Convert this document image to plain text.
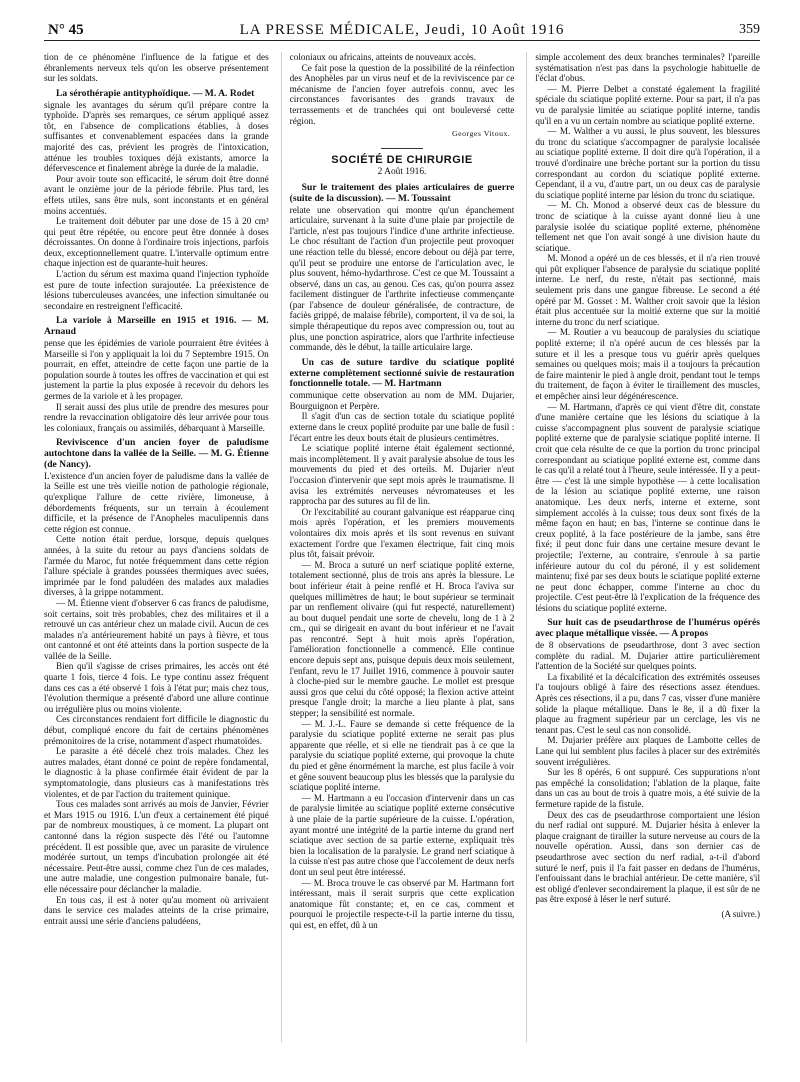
N° 45	LA PRESSE MÉDICALE, Jeudi, 10 Août 1916	359

tion de ce phénomène l'influence de la fatigue et des ébranlements nerveux tels qu'on les observe présentement sur les soldats.

La sérothérapie antityphoïdique. — M. A. Rodet

signale les avantages du sérum qu'il prépare contre la typhoïde. D'après ses remarques, ce sérum appliqué assez tôt, en l'absence de complications établies, à doses suffisantes et convenablement espacées dans la grande majorité des cas, prévient les progrès de l'intoxication, atténue les troubles toxiques déjà existants, amorce la défervescence et finalement abrège la durée de la maladie.

Pour avoir toute son efficacité, le sérum doit être donné avant le onzième jour de la période fébrile. Plus tard, les effets utiles, sans être nuls, sont inconstants et en général moins accentués.

Le traitement doit débuter par une dose de 15 à 20 cm³ qui peut être répétée, ou encore peut être donnée à doses décroissantes. On donne à l'ordinaire trois injections, parfois deux, exceptionnellement quatre. L'intervalle optimum entre chaque injection est de quarante-huit heures.

L'action du sérum est maxima quand l'injection typhoïde est pure de toute infection surajoutée. La préexistence de lésions tuberculeuses avancées, une infection simultanée ou secondaire en restreignent l'efficacité.

La variole à Marseille en 1915 et 1916. — M. Arnaud

pense que les épidémies de variole pourraient être évitées à Marseille si l'on y appliquait la loi du 7 Septembre 1915. On pourrait, en effet, atteindre de cette façon une partie de la population sourde à toutes les offres de vaccination et qui est justement la partie la plus exposée à recevoir du dehors les germes de la variole et à les propager.

Il serait aussi des plus utile de prendre des mesures pour rendre la revaccination obligatoire dès leur arrivée pour tous les coloniaux, français ou assimilés, débarquant à Marseille.

Reviviscence d'un ancien foyer de paludisme autochtone dans la vallée de la Seille. — M. G. Étienne (de Nancy).

L'existence d'un ancien foyer de paludisme dans la vallée de la Seille est une très vieille notion de pathologie régionale, qu'explique l'allure de cette rivière, limoneuse, à débordements fréquents, sur un terrain à écoulement difficile, et la présence de l'Anopheles maculipennis dans cette région est connue.

Cette notion était perdue, lorsque, depuis quelques années, à la suite du retour au pays d'anciens soldats de l'armée du Maroc, fut notée fréquemment dans cette région l'allure spéciale à grandes poussées thermiques avec suées, imprimée par le fond paludéen des malades aux maladies diverses, à la grippe notamment.

— M. Étienne vient d'observer 6 cas francs de paludisme, soit certains, soit très probables, chez des militaires et il a retrouvé un cas antérieur chez un malade civil. Aucun de ces malades n'a antérieurement habité un pays à fièvre, et tous ont cantonné et ont été atteints dans la portion suspecte de la vallée de la Seille.

Bien qu'il s'agisse de crises primaires, les accès ont été quarte 1 fois, tierce 4 fois. Le type continu assez fréquent dans ces cas a été observé 1 fois à l'état pur; mais chez tous, l'évolution thermique a présenté d'abord une allure continue ou irrégulière plus ou moins violente.

Ces circonstances rendaient fort difficile le diagnostic du début, compliqué encore du fait de certains phénomènes prémonitoires de la crise, notamment d'aspect rhumatoïdes.

Le parasite a été décelé chez trois malades. Chez les autres malades, étant donné ce point de repère fondamental, le diagnostic à la phase confirmée était évident de par la symptomatologie, dans plusieurs cas à manifestations très violentes, et de par l'action du traitement quinique.

Tous ces malades sont arrivés au mois de Janvier, Février et Mars 1915 ou 1916. L'un d'eux a certainement été piqué par de nombreux moustiques, à ce moment. La plupart ont cantonné dans la région suspecte dès l'été ou l'automne précédent. Il est possible que, avec un parasite de virulence modérée surtout, un temps d'incubation prolongée ait été nécessaire. Peut-être aussi, comme chez l'un de ces malades, une autre maladie, une congestion pulmonaire banale, fut-elle nécessaire pour déclancher la maladie.

En tous cas, il est à noter qu'au moment où arrivaient dans le service ces malades atteints de la crise primaire, entrait aussi une série d'anciens paludéens,

coloniaux ou africains, atteints de nouveaux accès.

Ce fait pose la question de la possibilité de la réinfection des Anophèles par un virus neuf et de la reviviscence par ce mécanisme de l'ancien foyer autrefois connu, avec les circonstances favorisantes des grands travaux de terrassements et de tranchées qui ont bouleversé cette région.

Georges Vitoux.
SOCIÉTÉ DE CHIRURGIE
2 Août 1916.
Sur le traitement des plaies articulaires de guerre (suite de la discussion). — M. Toussaint

relate une observation qui montre qu'un épanchement articulaire, survenant à la suite d'une plaie par projectile de l'article, n'est pas toujours l'indice d'une arthrite infectieuse. Le choc résultant de l'action d'un projectile peut provoquer une réaction telle du blessé, encore debout ou déjà par terre, qu'il peut se produire une entorse de l'articulation avec, le plus souvent, hémo-hydarthrose. C'est ce que M. Toussaint a observé, dans un cas, au genou. Ces cas, qu'on pourra assez facilement distinguer de l'arthrite infectieuse commençante (par l'absence de douleur généralisée, de contracture, de faciès grippé, de malaise fébrile), comportent, il va de soi, la simple thérapeutique du repos avec compression ou, tout au plus, une ponction aspiratrice, alors que l'arthrite infectieuse commande, dès le début, la taille articulaire large.

Un cas de suture tardive du sciatique poplité externe complètement sectionné suivie de restauration fonctionnelle totale. — M. Hartmann

communique cette observation au nom de MM. Dujarier, Bourguignon et Perpère.

Il s'agit d'un cas de section totale du sciatique poplité externe dans le creux poplité produite par une balle de fusil : l'écart entre les deux bouts était de plusieurs centimètres.

Le sciatique poplité interne était également sectionné, mais incomplètement. Il y avait paralysie absolue de tous les mouvements du pied et des orteils. M. Dujarier n'eut l'occasion d'intervenir que sept mois après le traumatisme. Il avisa les extrémités nerveuses névromateuses et les rapprocha par des sutures au fil de lin.

Or l'excitabilité au courant galvanique est réapparue cinq mois après l'opération, et les premiers mouvements volontaires dix mois après et ils sont revenus en suivant exactement l'ordre que l'examen électrique, fait cinq mois plus tôt, faisait prévoir.

— M. Broca a suturé un nerf sciatique poplité externe, totalement sectionné, plus de trois ans après la blessure. Le bout inférieur était à peine renflé et H. Broca l'aviva sur quelques millimètres de haut; le bout supérieur se terminait par un renflement olivaire (qui fut respecté, naturellement) au bout duquel pendait une sorte de chevelu, long de 1 à 2 cm., qui se dirigeait en avant du bout inférieur et ne l'avait pas rencontré. Sept à huit mois après l'opération, l'amélioration fonctionnelle a commencé. Elle continue encore depuis sept ans, puisque depuis deux mois seulement, l'enfant, revu le 17 Juillet 1916, commence à pouvoir sauter à cloche-pied sur le membre gauche. Le mollet est presque aussi gros que celui du côté opposé; la flexion active atteint presque l'angle droit; la marche a lieu plante à plat, sans stepper; la sensibilité est normale.

— M. J.-L. Faure se demande si cette fréquence de la paralysie du sciatique poplité externe ne serait pas plus apparente que réelle, et si elle ne tiendrait pas à ce que la paralysie du sciatique poplité externe, qui provoque la chute du pied et gêne énormément la marche, est plus facile à voir et gêne souvent beaucoup plus les blessés que la paralysie du sciatique poplité interne.

— M. Hartmann a eu l'occasion d'intervenir dans un cas de paralysie limitée au sciatique poplité externe consécutive à une plaie de la partie supérieure de la cuisse. L'opération, ayant montré une intégrité de la partie interne du grand nerf sciatique avec section de sa partie externe, expliquait très bien la localisation de la paralysie. Le grand nerf sciatique à la cuisse n'est pas autre chose que l'accolement de deux nerfs dont un seul peut être intéressé.

— M. Broca trouve le cas observé par M. Hartmann fort intéressant, mais il serait surpris que cette explication anatomique fût constante; et, en ce cas, comment et pourquoi le projectile respecte-t-il la partie interne du tissu, qui est, en effet, dû à un

simple accolement des deux branches terminales? l'pareille systématisation n'est pas dans la psychologie habituelle de l'éclat d'obus.

— M. Pierre Delbet a constaté également la fragilité spéciale du sciatique poplité externe. Pour sa part, il n'a pas vu de paralysie limitée au sciatique poplité interne, tandis qu'il en a vu un certain nombre au sciatique poplité externe.

— M. Walther a vu aussi, le plus souvent, les blessures du tronc du sciatique s'accompagner de paralysie localisée au sciatique poplité externe. Il doit dire qu'à l'opération, il a trouvé d'ordinaire une brèche portant sur la portion du tissu correspondant au cordon du sciatique poplité externe. Cependant, il a vu, d'autre part, un ou deux cas de paralysie du sciatique poplité interne par lésion du tronc du sciatique.

— M. Ch. Monod a observé deux cas de blessure du tronc de sciatique à la cuisse ayant donné lieu à une paralysie isolée du sciatique poplité externe, phénomène tellement net que l'on avait songé à une division haute du sciatique.

M. Monod a opéré un de ces blessés, et il n'a rien trouvé qui pût expliquer l'absence de paralysie du sciatique poplité interne. Le nerf, du reste, n'était pas sectionné, mais seulement pris dans une gangue fibreuse. Le second a été opéré par M. Gosset : M. Walther croit savoir que la lésion était plus accentuée sur la moitié externe que sur la moitié interne du tronc du nerf sciatique.

— M. Routier a vu beaucoup de paralysies du sciatique poplité externe; il n'a opéré aucun de ces blessés par la suture et il les a presque tous vu guérir après quelques semaines ou quelques mois; mais il a toujours la précaution de faire maintenir le pied à angle droit, pendant tout le temps du traitement, de façon à éviter le tiraillement des muscles, et empêcher ainsi leur dégénérescence.

— M. Hartmann, d'après ce qui vient d'être dit, constate d'une manière certaine que les lésions du sciatique à la cuisse s'accompagnent plus souvent de paralysie sciatique poplité externe que de paralysie sciatique poplité interne. Il croit que cela résulte de ce que la portion du tronc principal correspondant au sciatique poplité externe est, comme dans le cas qu'il a relaté tout à l'heure, seule intéressée. Il y a peut-être — c'est là une simple hypothèse — à cette localisation de la lésion au sciatique poplité externe, une raison anatomique. Les deux nerfs, interne et externe, sont simplement accolés à la cuisse; tous deux sont fixés de la même façon en haut; en bas, l'interne se continue dans le creux poplité, à la face postérieure de la jambe, sans être fixé; il peut donc fuir dans une certaine mesure devant le projectile; l'externe, au contraire, s'enroule à sa partie inférieure autour du col du péroné, il y est solidement maintenu; fixé par ses deux bouts le sciatique poplité externe ne peut donc échapper, comme l'interne au choc du projectile. C'est peut-être là l'explication de la fréquence des lésions du sciatique poplité externe.

Sur huit cas de pseudarthrose de l'humérus opérés avec plaque métallique vissée. — A propos

de 8 observations de pseudarthrose, dont 3 avec section complète du radial. M. Dujarier attire particulièrement l'attention de la Société sur quelques points.

La fixabilité et la décalcification des extrémités osseuses l'a toujours obligé à faire des résections assez étendues. Après ces résections, il a pu, dans 7 cas, visser d'une manière solide la plaque métallique. Dans le 8e, il a dû fixer la plaque au fragment supérieur par un cerclage, les vis ne tenant pas. C'est le seul cas non consolidé.

M. Dujarier préfère aux plaques de Lambotte celles de Lane qui lui semblent plus faciles à placer sur des extrémités souvent irrégulières.

Sur les 8 opérés, 6 ont suppuré. Ces suppurations n'ont pas empêché la consolidation; l'ablation de la plaque, faite dans un cas au bout de trois à quatre mois, a été suivie de la fermeture rapide de la fistule.

Deux des cas de pseudarthrose comportaient une lésion du nerf radial ont suppuré. M. Dujarier hésita à enlever la plaque craignant de tirailler la suture nerveuse au cours de la nouvelle opération. Aussi, dans son dernier cas de pseudarthrose avec section du nerf radial, a-t-il d'abord suturé le nerf, puis il l'a fait passer en dedans de l'humérus, l'enfouissant dans le brachial antérieur. De cette manière, s'il est obligé d'enlever secondairement la plaque, il est sûr de ne pas être exposé à léser le nerf suturé.

(A suivre.)
